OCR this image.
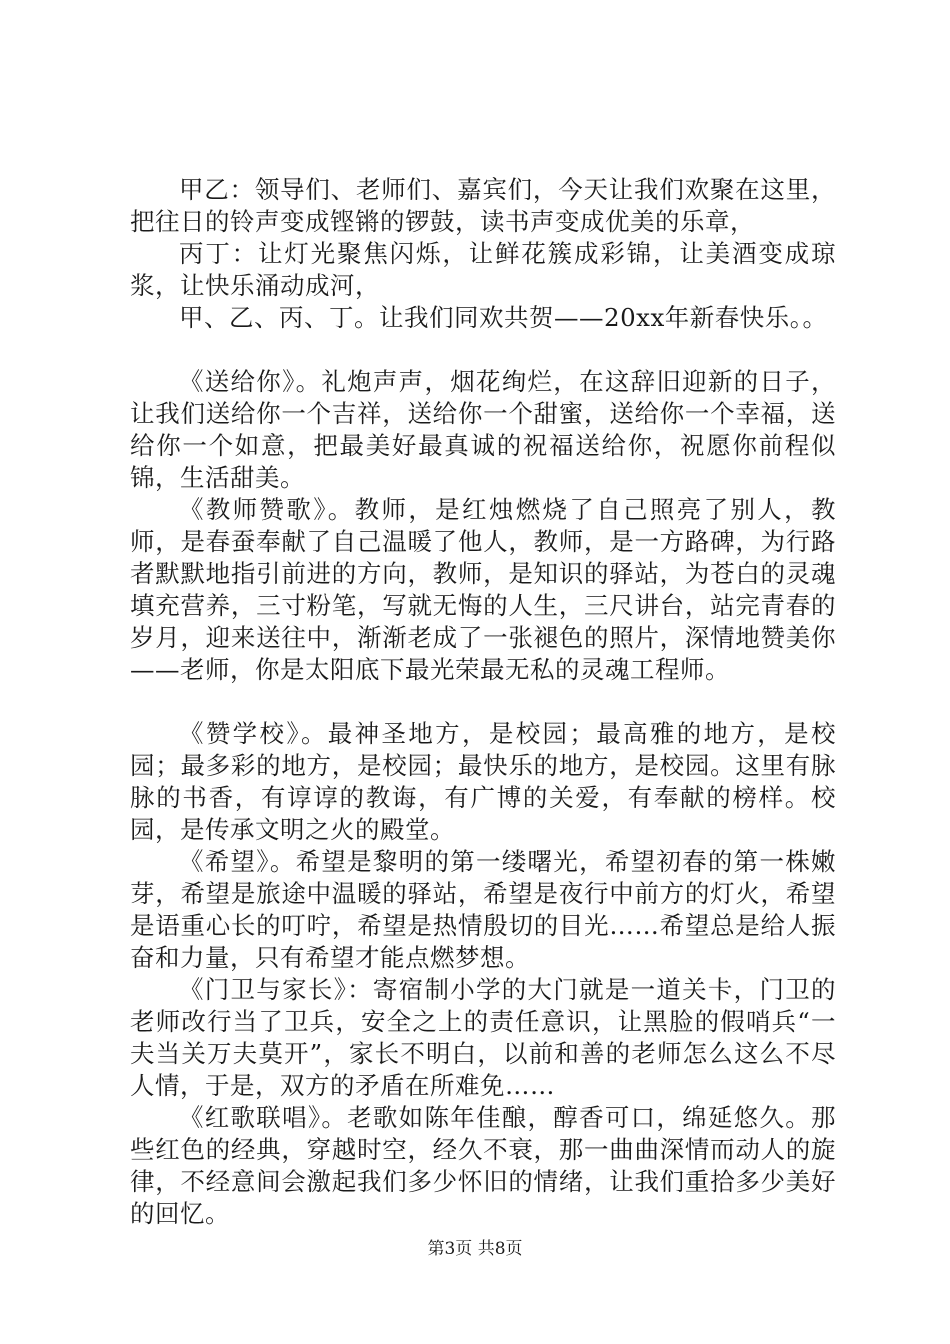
甲乙：领导们、老师们、嘉宾们，今天让我们欢聚在这里，把往日的铃声变成铿锵的锣鼓，读书声变成优美的乐章，

丙丁：让灯光聚焦闪烁，让鲜花簇成彩锦，让美酒变成琼浆，让快乐涌动成河，

甲、乙、丙、丁。让我们同欢共贺——20xx年新春快乐。。

《送给你》。礼炮声声，烟花绚烂，在这辞旧迎新的日子，让我们送给你一个吉祥，送给你一个甜蜜，送给你一个幸福，送给你一个如意，把最美好最真诚的祝福送给你，祝愿你前程似锦，生活甜美。

《教师赞歌》。教师，是红烛燃烧了自己照亮了别人，教师，是春蚕奉献了自己温暖了他人，教师，是一方路碑，为行路者默默地指引前进的方向，教师，是知识的驿站，为苍白的灵魂填充营养，三寸粉笔，写就无悔的人生，三尺讲台，站完青春的岁月，迎来送往中，渐渐老成了一张褪色的照片，深情地赞美你——老师，你是太阳底下最光荣最无私的灵魂工程师。

《赞学校》。最神圣地方，是校园；最高雅的地方，是校园；最多彩的地方，是校园；最快乐的地方，是校园。这里有脉脉的书香，有谆谆的教诲，有广博的关爱，有奉献的榜样。校园，是传承文明之火的殿堂。

《希望》。希望是黎明的第一缕曙光，希望初春的第一株嫩芽，希望是旅途中温暖的驿站，希望是夜行中前方的灯火，希望是语重心长的叮咛，希望是热情殷切的目光……希望总是给人振奋和力量，只有希望才能点燃梦想。

《门卫与家长》：寄宿制小学的大门就是一道关卡，门卫的老师改行当了卫兵，安全之上的责任意识，让黑脸的假哨兵“一夫当关万夫莫开”，家长不明白，以前和善的老师怎么这么不尽人情，于是，双方的矛盾在所难免……

《红歌联唱》。老歌如陈年佳酿，醇香可口，绵延悠久。那些红色的经典，穿越时空，经久不衰，那一曲曲深情而动人的旋律，不经意间会激起我们多少怀旧的情绪，让我们重拾多少美好的回忆。

第3页 共8页
